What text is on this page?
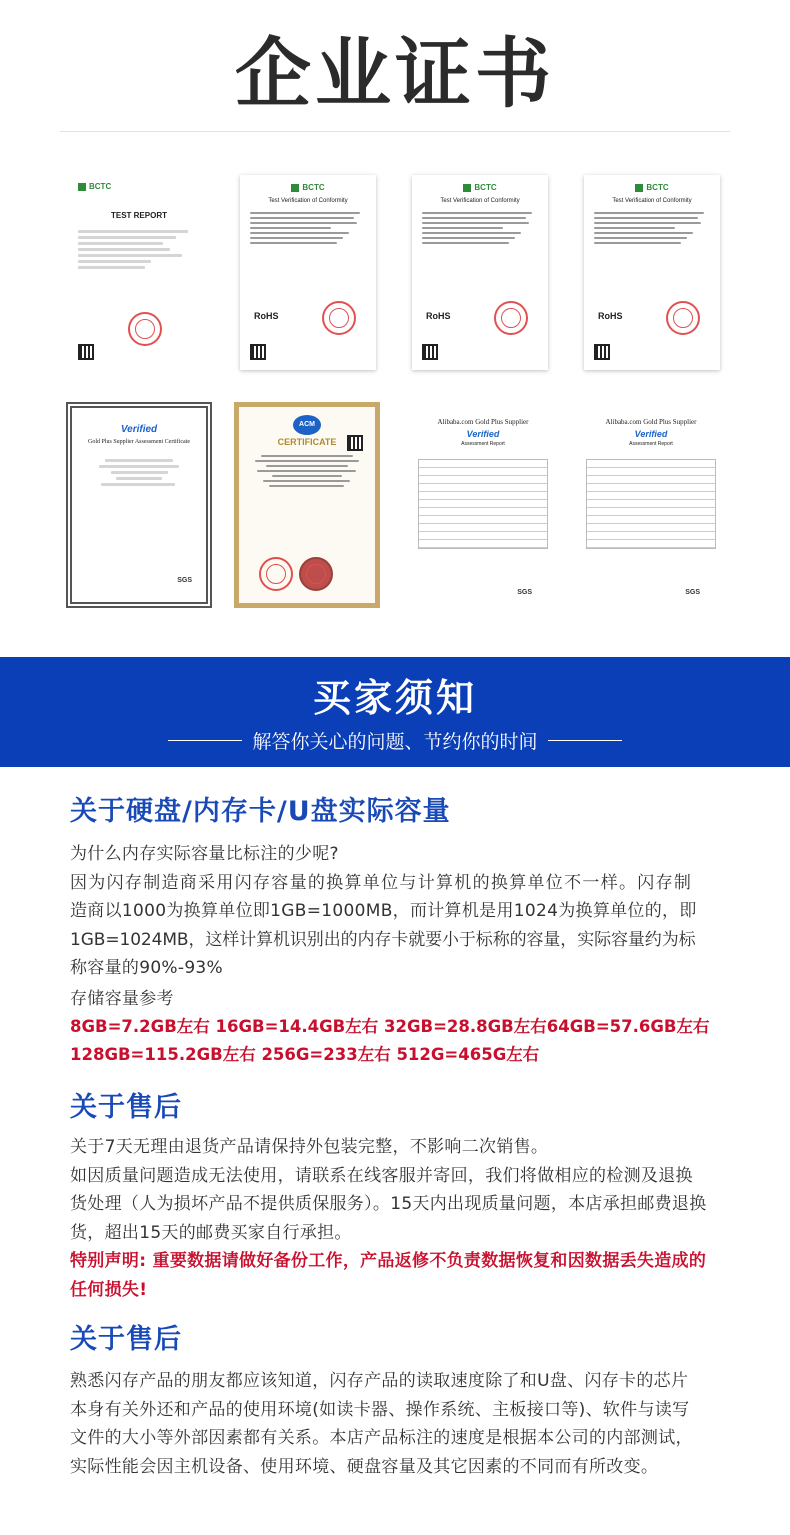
企业证书
BCTC
TEST REPORT
BCTC
Test Verification of Conformity
RoHS
BCTC
Test Verification of Conformity
RoHS
BCTC
Test Verification of Conformity
RoHS
Verified
Gold Plus Supplier Assessment Certificate
SGS
ACM
CERTIFICATE
Alibaba.com Gold Plus Supplier
Verified
Assessment Report
SGS
Alibaba.com Gold Plus Supplier
Verified
Assessment Report
SGS
买家须知
解答你关心的问题、节约你的时间
关于硬盘/内存卡/U盘实际容量
为什么内存实际容量比标注的少呢?
因为闪存制造商采用闪存容量的换算单位与计算机的换算单位不一样。闪存制
造商以1000为换算单位即1GB=1000MB，而计算机是用1024为换算单位的，即
1GB=1024MB，这样计算机识别出的内存卡就要小于标称的容量，实际容量约为标
称容量的90%-93%
存储容量参考
8GB=7.2GB左右 16GB=14.4GB左右 32GB=28.8GB左右64GB=57.6GB左右
128GB=115.2GB左右 256G=233左右 512G=465G左右
关于售后
关于7天无理由退货产品请保持外包装完整，不影响二次销售。
如因质量问题造成无法使用，请联系在线客服并寄回，我们将做相应的检测及退换
货处理（人为损坏产品不提供质保服务）。15天内出现质量问题，本店承担邮费退换
货，超出15天的邮费买家自行承担。
特别声明: 重要数据请做好备份工作，产品返修不负责数据恢复和因数据丢失造成的
任何损失!
关于售后
熟悉闪存产品的朋友都应该知道，闪存产品的读取速度除了和U盘、闪存卡的芯片
本身有关外还和产品的使用环境(如读卡器、操作系统、主板接口等)、软件与读写
文件的大小等外部因素都有关系。本店产品标注的速度是根据本公司的内部测试，
实际性能会因主机设备、使用环境、硬盘容量及其它因素的不同而有所改变。
